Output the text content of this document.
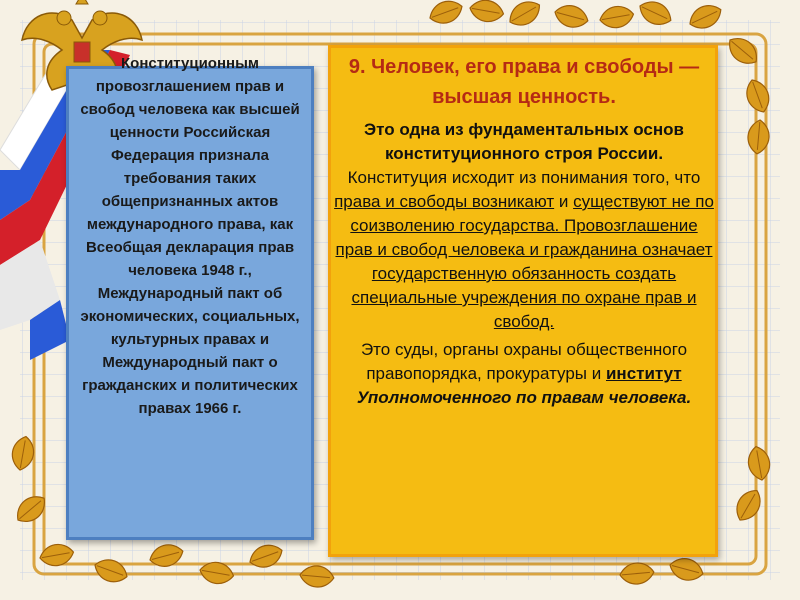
Конституционным провозглашением прав и свобод человека как высшей ценности Российская Федерация признала требования таких общепризнанных актов международного права, как Всеобщая декларация прав человека 1948 г., Международный пакт об экономических, социальных, культурных правах и Международный пакт о гражданских и политических правах 1966 г.

9. Человек, его права и свободы — высшая ценность.

Это одна из фундаментальных основ конституционного строя России. Конституция исходит из понимания того, что права и свободы возникают и существуют не по соизволению государства. Провозглашение прав и свобод человека и гражданина означает государственную обязанность создать специальные учреждения по охране прав и свобод.

Это суды, органы охраны общественного правопорядка, прокуратуры и институт Уполномоченного по правам человека.
